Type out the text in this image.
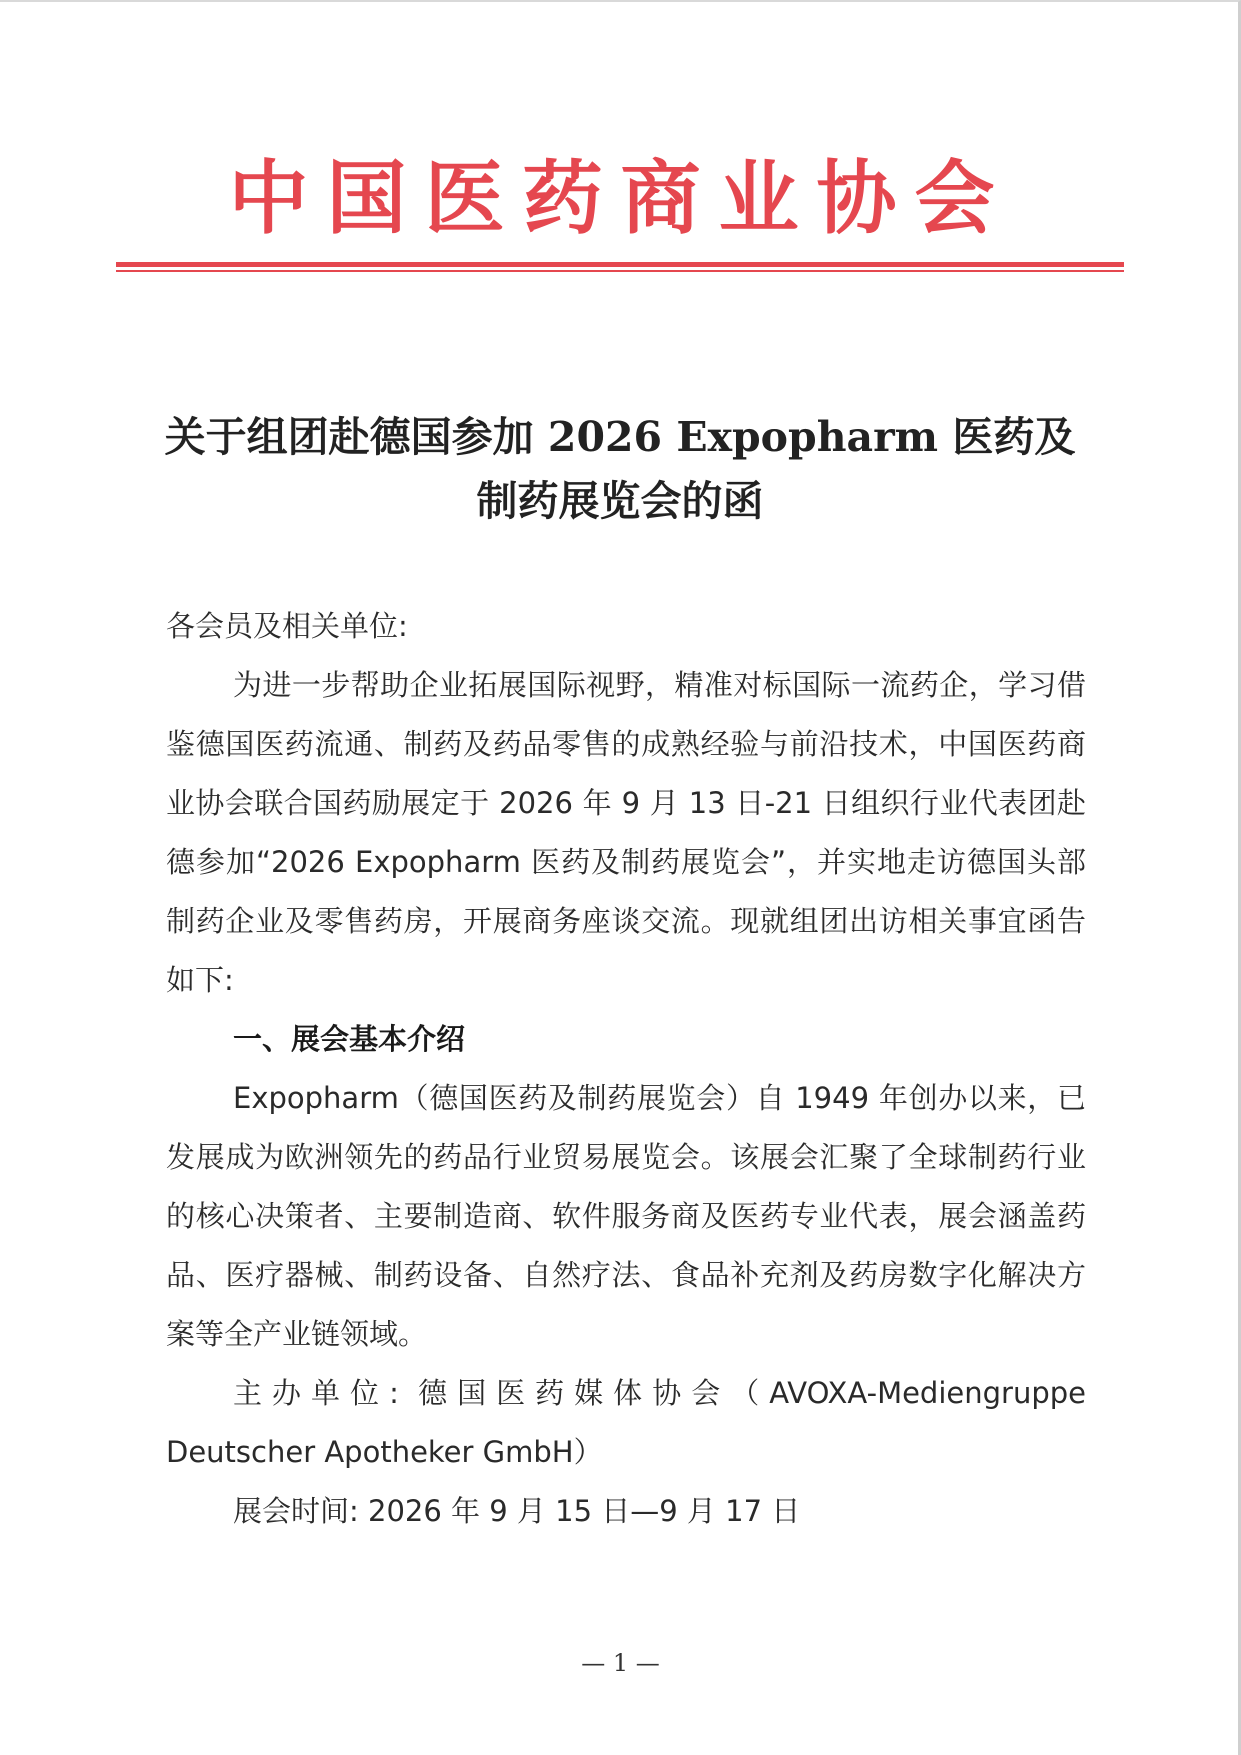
中国医药商业协会
关于组团赴德国参加 2026 Expopharm 医药及
制药展览会的函

各会员及相关单位:

为进一步帮助企业拓展国际视野，精准对标国际一流药企，学习借鉴德国医药流通、制药及药品零售的成熟经验与前沿技术，中国医药商业协会联合国药励展定于 2026 年 9 月 13 日-21 日组织行业代表团赴德参加“2026 Expopharm 医药及制药展览会”，并实地走访德国头部制药企业及零售药房，开展商务座谈交流。现就组团出访相关事宜函告如下:

一、展会基本介绍

Expopharm（德国医药及制药展览会）自 1949 年创办以来，已发展成为欧洲领先的药品行业贸易展览会。该展会汇聚了全球制药行业的核心决策者、主要制造商、软件服务商及医药专业代表，展会涵盖药品、医疗器械、制药设备、自然疗法、食品补充剂及药房数字化解决方案等全产业链领域。

主办单位: 德国医药媒体协会（AVOXA-Mediengruppe Deutscher Apotheker GmbH）

展会时间: 2026 年 9 月 15 日—9 月 17 日

— 1 —
